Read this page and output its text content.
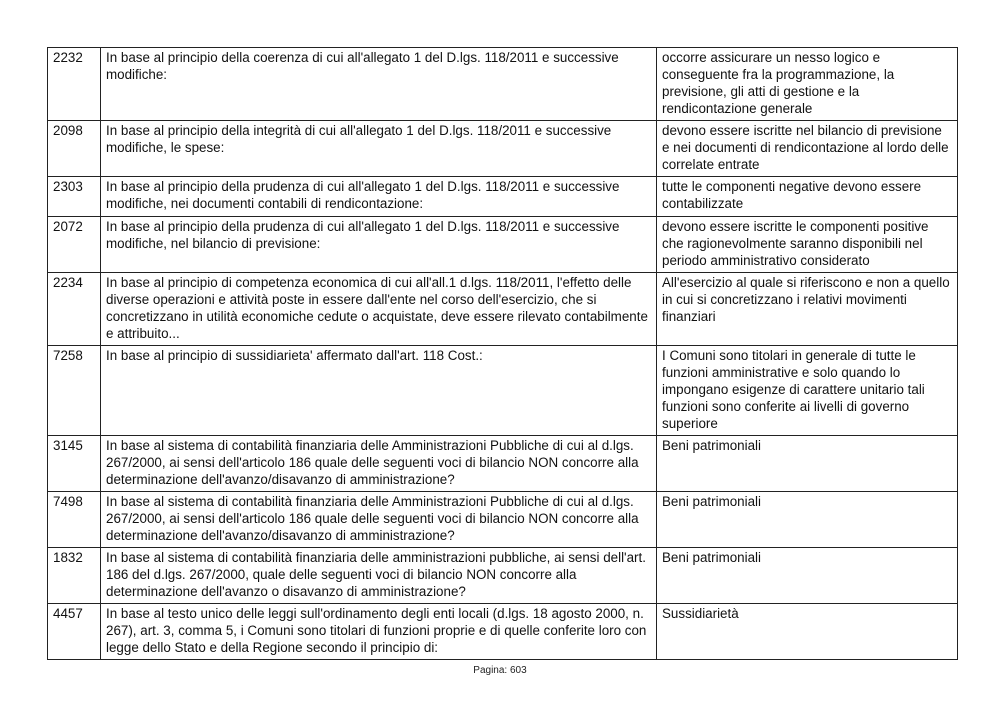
2232	In base al principio della coerenza di cui all'allegato 1 del D.lgs. 118/2011 e successive modifiche:	occorre assicurare un nesso logico e conseguente fra la programmazione, la previsione, gli atti di gestione e la rendicontazione generale
2098	In base al principio della integrità di cui all'allegato 1 del D.lgs. 118/2011 e successive modifiche, le spese:	devono essere iscritte nel bilancio di previsione e nei documenti di rendicontazione al lordo delle correlate entrate
2303	In base al principio della prudenza di cui all'allegato 1 del D.lgs. 118/2011 e successive modifiche, nei documenti contabili di rendicontazione:	tutte le componenti negative devono essere contabilizzate
2072	In base al principio della prudenza di cui all'allegato 1 del D.lgs. 118/2011 e successive modifiche, nel bilancio di previsione:	devono essere iscritte le componenti positive che ragionevolmente saranno disponibili nel periodo amministrativo considerato
2234	In base al principio di competenza economica di cui all'all.1 d.lgs. 118/2011, l'effetto delle diverse operazioni e attività poste in essere dall'ente nel corso dell'esercizio, che si concretizzano in utilità economiche cedute o acquistate, deve essere rilevato contabilmente e attribuito...	All'esercizio al quale si riferiscono e non a quello in cui si concretizzano i relativi movimenti finanziari
7258	In base al principio di sussidiarieta' affermato dall'art. 118 Cost.:	I Comuni sono titolari in generale di tutte le funzioni amministrative e solo quando lo impongano esigenze di carattere unitario tali funzioni sono conferite ai livelli di governo superiore
3145	In base al sistema di contabilità finanziaria delle Amministrazioni Pubbliche di cui al d.lgs. 267/2000, ai sensi dell'articolo 186 quale delle seguenti voci di bilancio NON concorre alla determinazione dell'avanzo/disavanzo di amministrazione?	Beni patrimoniali
7498	In base al sistema di contabilità finanziaria delle Amministrazioni Pubbliche di cui al d.lgs. 267/2000, ai sensi dell'articolo 186 quale delle seguenti voci di bilancio NON concorre alla determinazione dell'avanzo/disavanzo di amministrazione?	Beni patrimoniali
1832	In base al sistema di contabilità finanziaria delle amministrazioni pubbliche, ai sensi dell'art. 186 del d.lgs. 267/2000, quale delle seguenti voci di bilancio NON concorre alla determinazione dell'avanzo o disavanzo di amministrazione?	Beni patrimoniali
4457	In base al testo unico delle leggi sull'ordinamento degli enti locali (d.lgs. 18 agosto 2000, n. 267), art. 3, comma 5, i Comuni sono titolari di funzioni proprie e di quelle conferite loro con legge dello Stato e della Regione secondo il principio di:	Sussidiarietà
Pagina: 603
